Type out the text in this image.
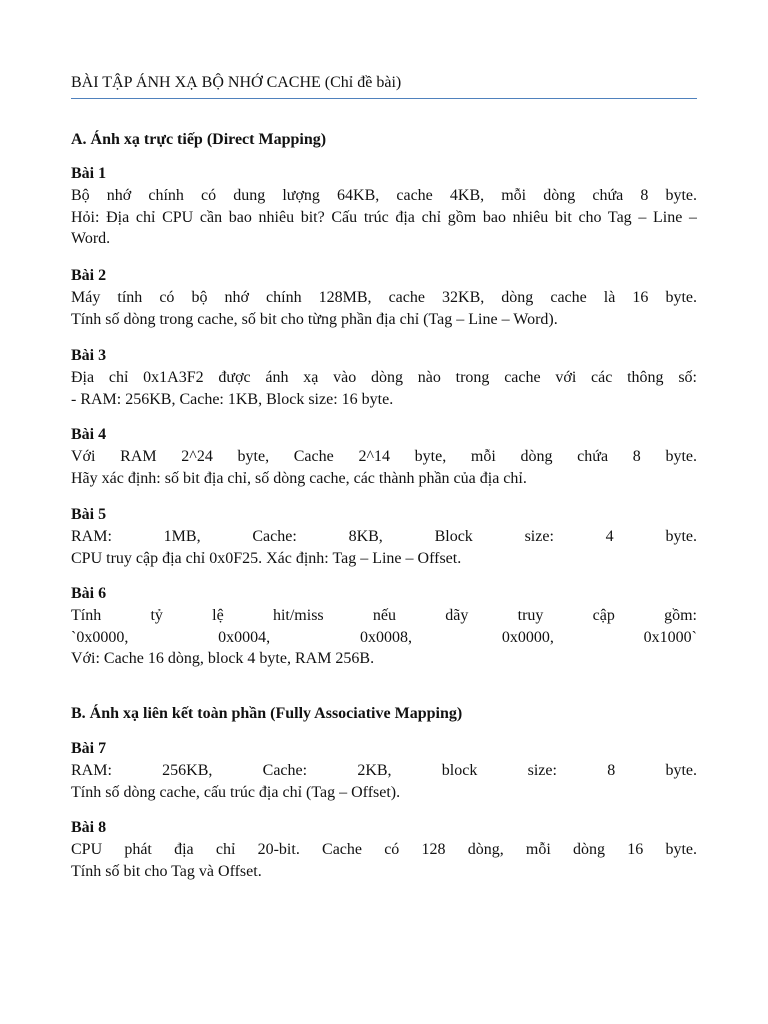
BÀI TẬP ÁNH XẠ BỘ NHỚ CACHE (Chỉ đề bài)
A. Ánh xạ trực tiếp (Direct Mapping)
Bài 1
Bộ nhớ chính có dung lượng 64KB, cache 4KB, mỗi dòng chứa 8 byte.
Hỏi: Địa chỉ CPU cần bao nhiêu bit? Cấu trúc địa chỉ gồm bao nhiêu bit cho Tag – Line –
Word.
Bài 2
Máy tính có bộ nhớ chính 128MB, cache 32KB, dòng cache là 16 byte.
Tính số dòng trong cache, số bit cho từng phần địa chỉ (Tag – Line – Word).
Bài 3
Địa chỉ 0x1A3F2 được ánh xạ vào dòng nào trong cache với các thông số:
- RAM: 256KB, Cache: 1KB, Block size: 16 byte.
Bài 4
Với RAM 2^24 byte, Cache 2^14 byte, mỗi dòng chứa 8 byte.
Hãy xác định: số bit địa chỉ, số dòng cache, các thành phần của địa chỉ.
Bài 5
RAM: 1MB, Cache: 8KB, Block size: 4 byte.
CPU truy cập địa chỉ 0x0F25. Xác định: Tag – Line – Offset.
Bài 6
Tính tỷ lệ hit/miss nếu dãy truy cập gồm:
`0x0000, 0x0004, 0x0008, 0x0000, 0x1000`
Với: Cache 16 dòng, block 4 byte, RAM 256B.
B. Ánh xạ liên kết toàn phần (Fully Associative Mapping)
Bài 7
RAM: 256KB, Cache: 2KB, block size: 8 byte.
Tính số dòng cache, cấu trúc địa chỉ (Tag – Offset).
Bài 8
CPU phát địa chỉ 20-bit. Cache có 128 dòng, mỗi dòng 16 byte.
Tính số bit cho Tag và Offset.
